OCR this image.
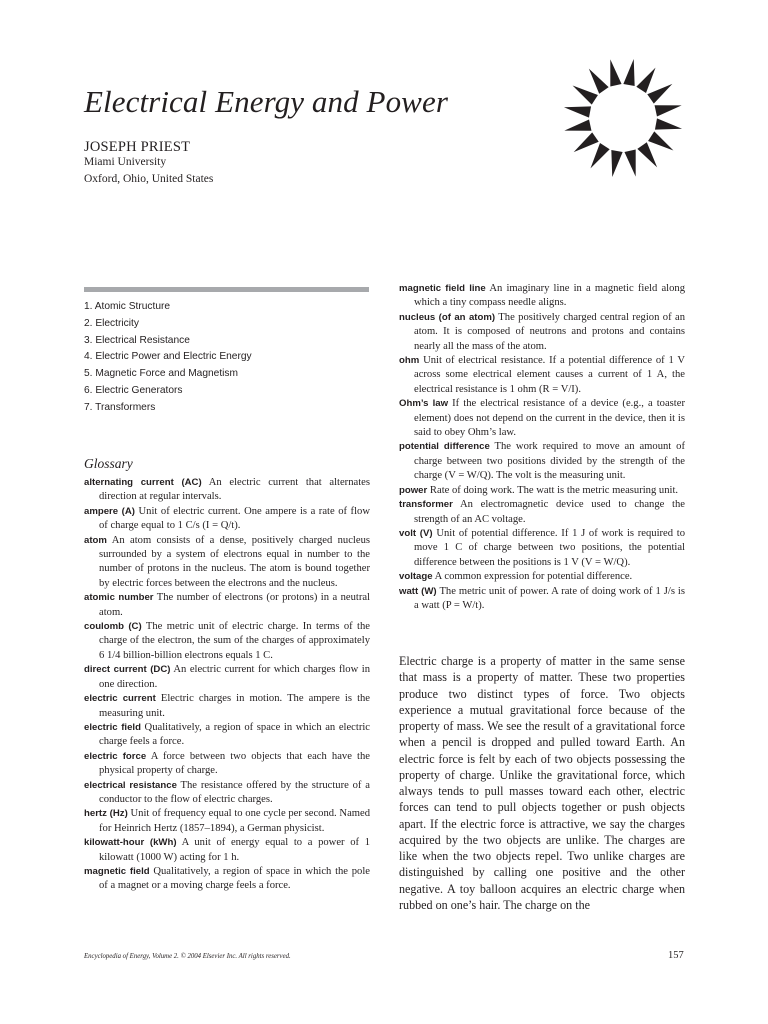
Electrical Energy and Power
JOSEPH PRIEST
Miami University
Oxford, Ohio, United States
1. Atomic Structure
2. Electricity
3. Electrical Resistance
4. Electric Power and Electric Energy
5. Magnetic Force and Magnetism
6. Electric Generators
7. Transformers
Glossary
alternating current (AC) An electric current that alternates direction at regular intervals.
ampere (A) Unit of electric current. One ampere is a rate of flow of charge equal to 1 C/s (I = Q/t).
atom An atom consists of a dense, positively charged nucleus surrounded by a system of electrons equal in number to the number of protons in the nucleus. The atom is bound together by electric forces between the electrons and the nucleus.
atomic number The number of electrons (or protons) in a neutral atom.
coulomb (C) The metric unit of electric charge. In terms of the charge of the electron, the sum of the charges of approximately 6 1/4 billion-billion electrons equals 1 C.
direct current (DC) An electric current for which charges flow in one direction.
electric current Electric charges in motion. The ampere is the measuring unit.
electric field Qualitatively, a region of space in which an electric charge feels a force.
electric force A force between two objects that each have the physical property of charge.
electrical resistance The resistance offered by the structure of a conductor to the flow of electric charges.
hertz (Hz) Unit of frequency equal to one cycle per second. Named for Heinrich Hertz (1857–1894), a German physicist.
kilowatt-hour (kWh) A unit of energy equal to a power of 1 kilowatt (1000 W) acting for 1 h.
magnetic field Qualitatively, a region of space in which the pole of a magnet or a moving charge feels a force.
magnetic field line An imaginary line in a magnetic field along which a tiny compass needle aligns.
nucleus (of an atom) The positively charged central region of an atom. It is composed of neutrons and protons and contains nearly all the mass of the atom.
ohm Unit of electrical resistance. If a potential difference of 1 V across some electrical element causes a current of 1 A, the electrical resistance is 1 ohm (R = V/I).
Ohm’s law If the electrical resistance of a device (e.g., a toaster element) does not depend on the current in the device, then it is said to obey Ohm’s law.
potential difference The work required to move an amount of charge between two positions divided by the strength of the charge (V = W/Q). The volt is the measuring unit.
power Rate of doing work. The watt is the metric measuring unit.
transformer An electromagnetic device used to change the strength of an AC voltage.
volt (V) Unit of potential difference. If 1 J of work is required to move 1 C of charge between two positions, the potential difference between the positions is 1 V (V = W/Q).
voltage A common expression for potential difference.
watt (W) The metric unit of power. A rate of doing work of 1 J/s is a watt (P = W/t).

Electric charge is a property of matter in the same sense that mass is a property of matter. These two properties produce two distinct types of force. Two objects experience a mutual gravitational force because of the property of mass. We see the result of a gravitational force when a pencil is dropped and pulled toward Earth. An electric force is felt by each of two objects possessing the property of charge. Unlike the gravitational force, which always tends to pull masses toward each other, electric forces can tend to pull objects together or push objects apart. If the electric force is attractive, we say the charges acquired by the two objects are unlike. The charges are like when the two objects repel. Two unlike charges are distinguished by calling one positive and the other negative. A toy balloon acquires an electric charge when rubbed on one’s hair. The charge on the

Encyclopedia of Energy, Volume 2. © 2004 Elsevier Inc. All rights reserved.	157
